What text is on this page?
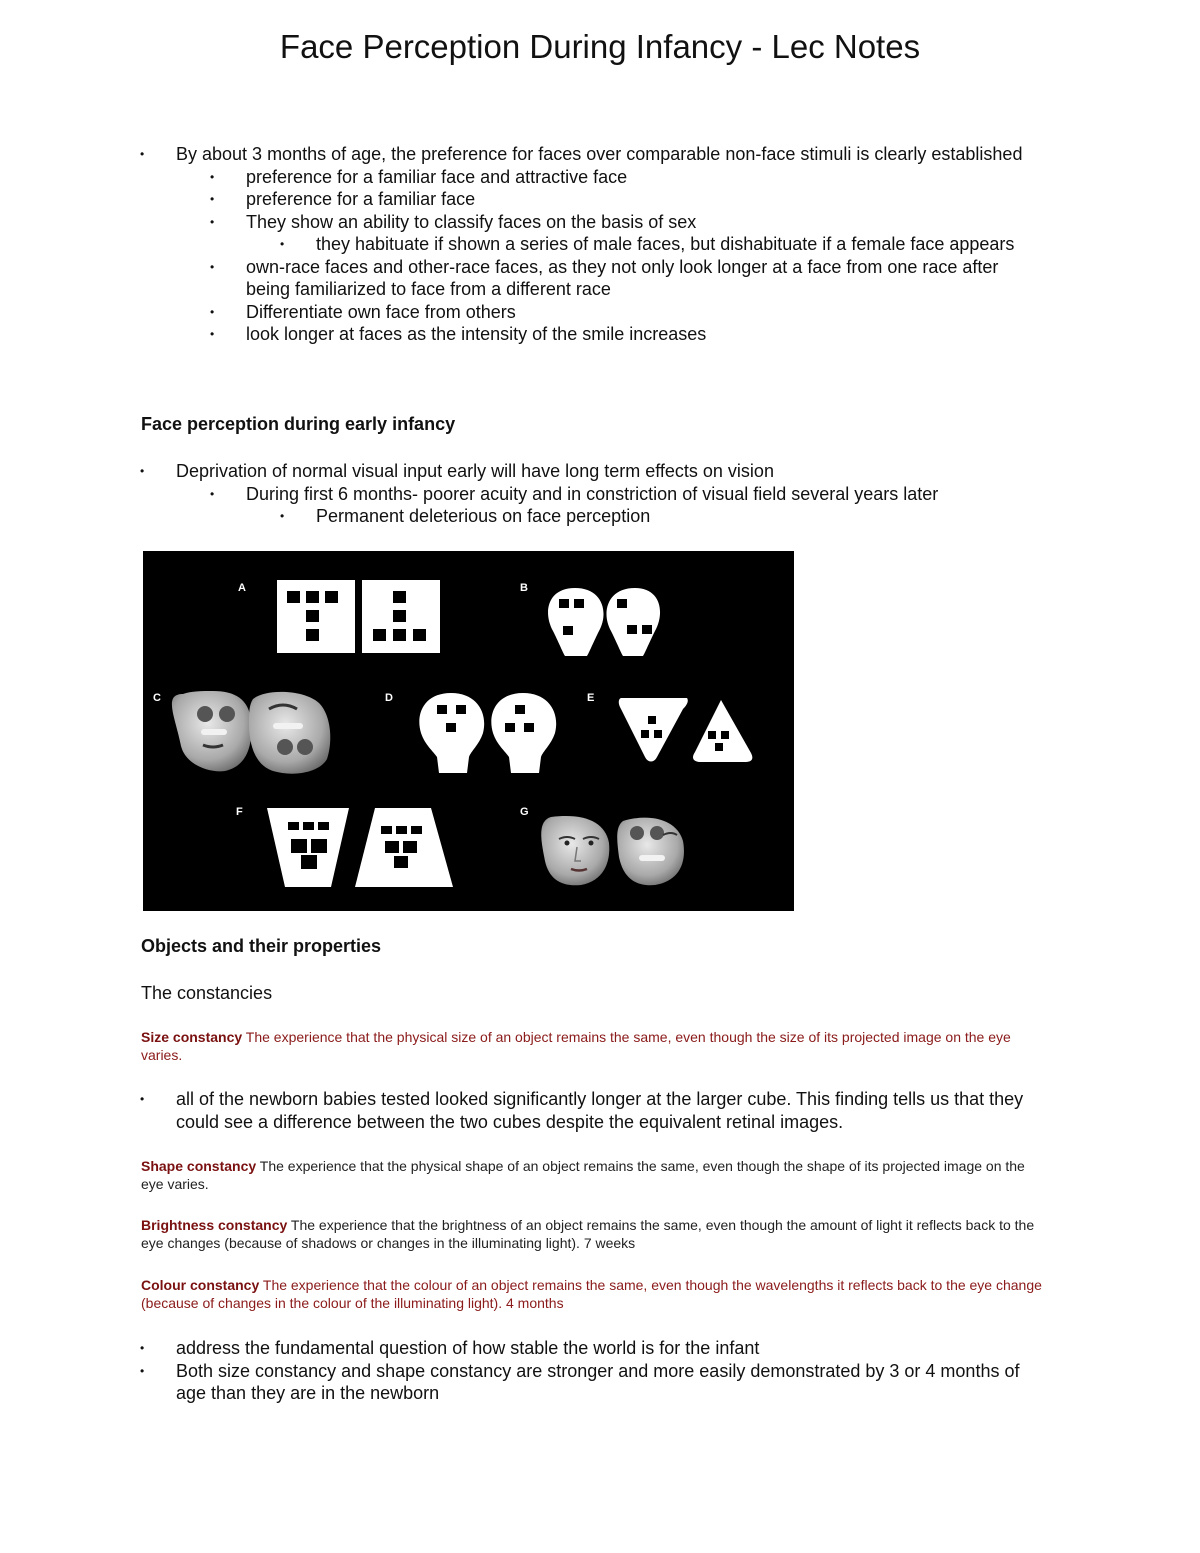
Face Perception During Infancy - Lec Notes
• By about 3 months of age, the preference for faces over comparable non-face stimuli is clearly established
• preference for a familiar face and attractive face
• preference for a familiar face
• They show an ability to classify faces on the basis of sex
• they habituate if shown a series of male faces, but dishabituate if a female face appears
• own-race faces and other-race faces, as they not only look longer at a face from one race after being familiarized to face from a different race
• Differentiate own face from others
• look longer at faces as the intensity of the smile increases
Face perception during early infancy
• Deprivation of normal visual input early will have long term effects on vision
• During first 6 months- poorer acuity and in constriction of visual field several years later
• Permanent deleterious on face perception
A	B
C	D	E
F	G
Objects and their properties
The constancies
Size constancy The experience that the physical size of an object remains the same, even though the size of its projected image on the eye varies.
• all of the newborn babies tested looked significantly longer at the larger cube. This finding tells us that they could see a difference between the two cubes despite the equivalent retinal images.
Shape constancy The experience that the physical shape of an object remains the same, even though the shape of its projected image on the eye varies.
Brightness constancy The experience that the brightness of an object remains the same, even though the amount of light it reflects back to the eye changes (because of shadows or changes in the illuminating light). 7 weeks
Colour constancy The experience that the colour of an object remains the same, even though the wavelengths it reflects back to the eye change (because of changes in the colour of the illuminating light). 4 months
• address the fundamental question of how stable the world is for the infant
• Both size constancy and shape constancy are stronger and more easily demonstrated by 3 or 4 months of age than they are in the newborn
